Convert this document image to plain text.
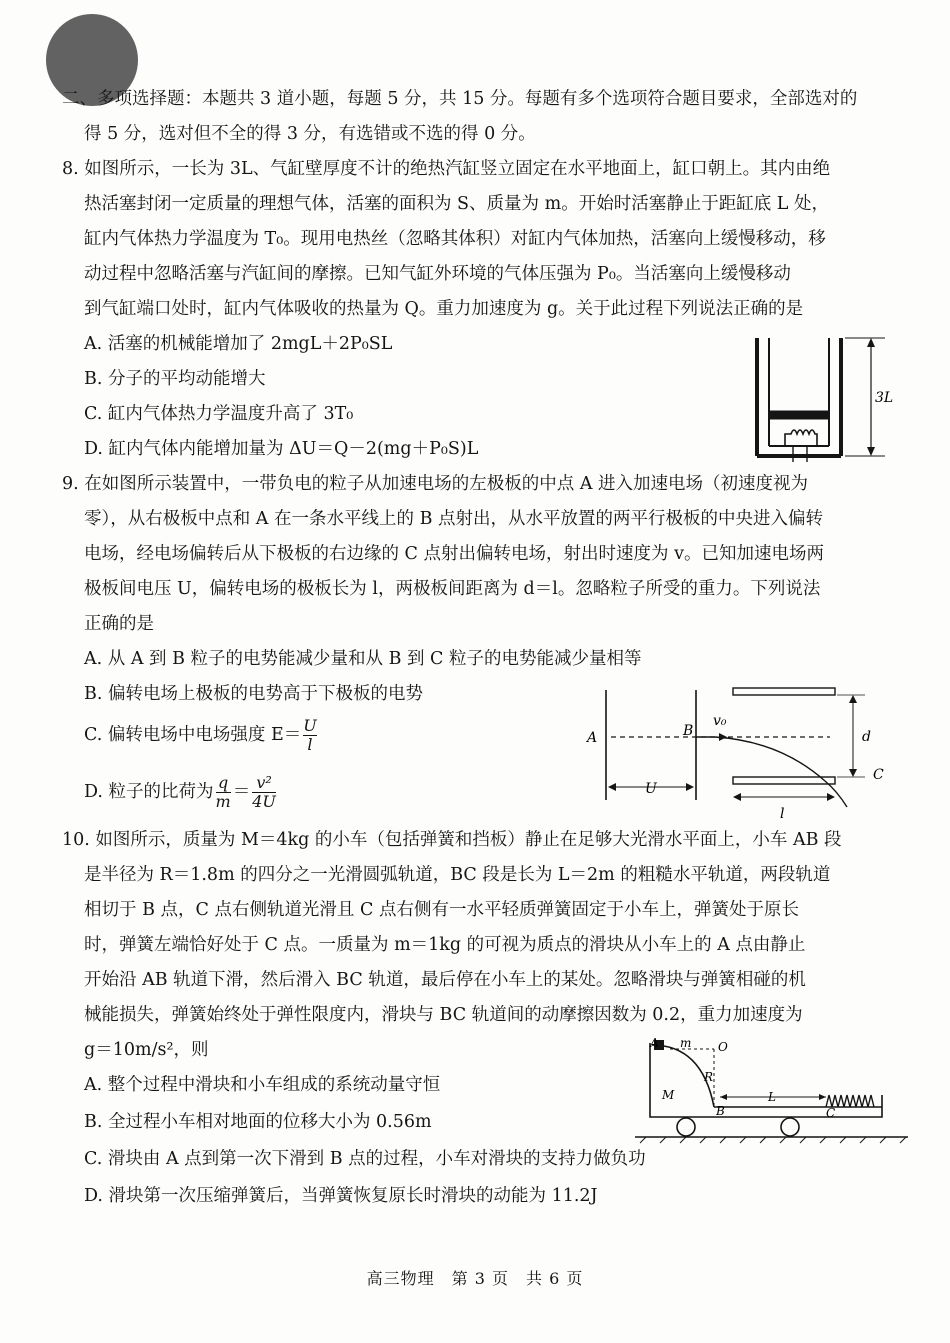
二、多项选择题：本题共 3 道小题，每题 5 分，共 15 分。每题有多个选项符合题目要求，全部选对的
得 5 分，选对但不全的得 3 分，有选错或不选的得 0 分。
8. 如图所示，一长为 3L、气缸壁厚度不计的绝热汽缸竖立固定在水平地面上，缸口朝上。其内由绝
热活塞封闭一定质量的理想气体，活塞的面积为 S、质量为 m。开始时活塞静止于距缸底 L 处，
缸内气体热力学温度为 T₀。现用电热丝（忽略其体积）对缸内气体加热，活塞向上缓慢移动，移
动过程中忽略活塞与汽缸间的摩擦。已知气缸外环境的气体压强为 P₀。当活塞向上缓慢移动
到气缸端口处时，缸内气体吸收的热量为 Q。重力加速度为 g。关于此过程下列说法正确的是
A. 活塞的机械能增加了 2mgL＋2P₀SL
B. 分子的平均动能增大
C. 缸内气体热力学温度升高了 3T₀
D. 缸内气体内能增加量为 ΔU＝Q－2(mg＋P₀S)L
3L
9. 在如图所示装置中，一带负电的粒子从加速电场的左极板的中点 A 进入加速电场（初速度视为
零），从右极板中点和 A 在一条水平线上的 B 点射出，从水平放置的两平行极板的中央进入偏转
电场，经电场偏转后从下极板的右边缘的 C 点射出偏转电场，射出时速度为 v。已知加速电场两
极板间电压 U，偏转电场的极板长为 l，两极板间距离为 d＝l。忽略粒子所受的重力。下列说法
正确的是
A. 从 A 到 B 粒子的电势能减少量和从 B 到 C 粒子的电势能减少量相等
B. 偏转电场上极板的电势高于下极板的电势
C. 偏转电场中电场强度 $E= \frac{U}{l}$
D. 粒子的比荷为 $\frac{q}{m} = \frac{\text{v²}}{4U}$
A	B
v₀
d
C
U
l
10. 如图所示，质量为 M＝4kg 的小车（包括弹簧和挡板）静止在足够大光滑水平面上，小车 AB 段
是半径为 R＝1.8m 的四分之一光滑圆弧轨道，BC 段是长为 L＝2m 的粗糙水平轨道，两段轨道
相切于 B 点，C 点右侧轨道光滑且 C 点右侧有一水平轻质弹簧固定于小车上，弹簧处于原长
时，弹簧左端恰好处于 C 点。一质量为 m＝1kg 的可视为质点的滑块从小车上的 A 点由静止
开始沿 AB 轨道下滑，然后滑入 BC 轨道，最后停在小车上的某处。忽略滑块与弹簧相碰的机
械能损失，弹簧始终处于弹性限度内，滑块与 BC 轨道间的动摩擦因数为 0.2，重力加速度为
g＝10m/s²，则
A. 整个过程中滑块和小车组成的系统动量守恒
B. 全过程小车相对地面的位移大小为 0.56m
C. 滑块由 A 点到第一次下滑到 B 点的过程，小车对滑块的支持力做负功
D. 滑块第一次压缩弹簧后，当弹簧恢复原长时滑块的动能为 11.2J
A m O
R
M
B
L
C
高三物理　第 3 页　共 6 页
